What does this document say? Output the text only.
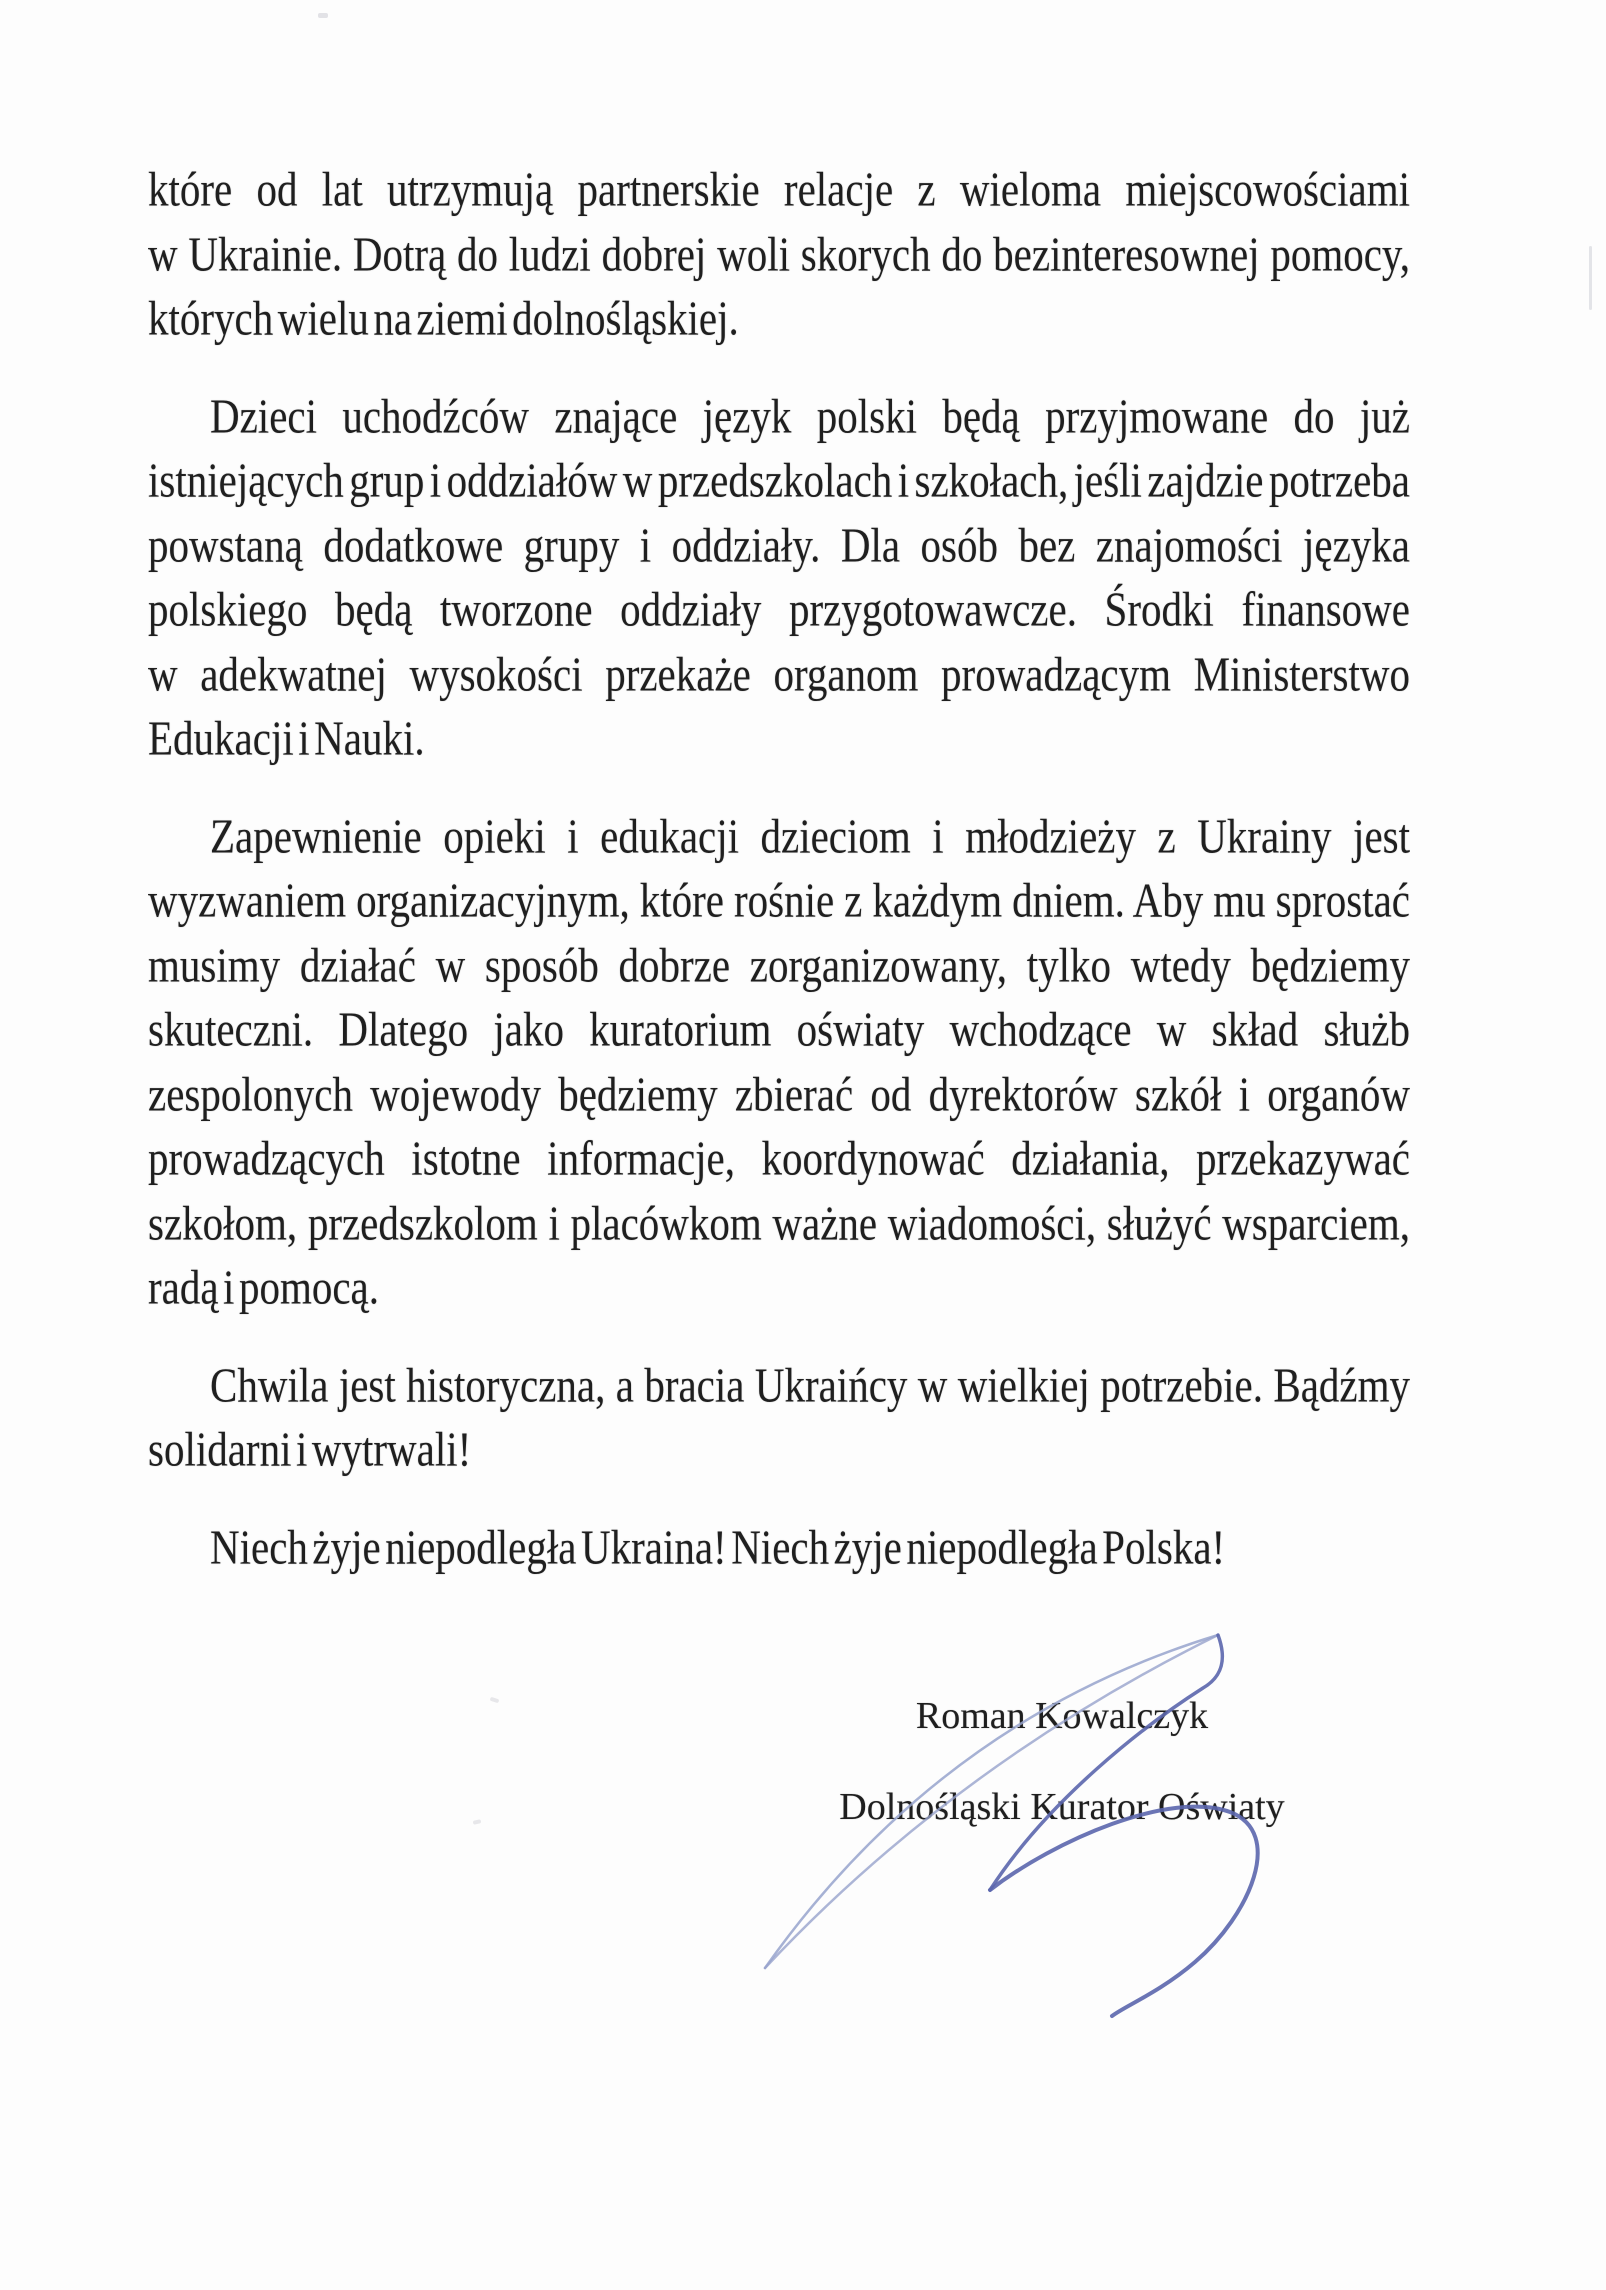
które od lat utrzymują partnerskie relacje z wieloma miejscowościami
w Ukrainie. Dotrą do ludzi dobrej woli skorych do bezinteresownej pomocy,
których wielu na ziemi dolnośląskiej.
Dzieci uchodźców znające język polski będą przyjmowane do już
istniejących grup i oddziałów w przedszkolach i szkołach, jeśli zajdzie potrzeba
powstaną dodatkowe grupy i oddziały. Dla osób bez znajomości języka
polskiego będą tworzone oddziały przygotowawcze. Środki finansowe
w adekwatnej wysokości przekaże organom prowadzącym Ministerstwo
Edukacji i Nauki.
Zapewnienie opieki i edukacji dzieciom i młodzieży z Ukrainy jest
wyzwaniem organizacyjnym, które rośnie z każdym dniem. Aby mu sprostać
musimy działać w sposób dobrze zorganizowany, tylko wtedy będziemy
skuteczni. Dlatego jako kuratorium oświaty wchodzące w skład służb
zespolonych wojewody będziemy zbierać od dyrektorów szkół i organów
prowadzących istotne informacje, koordynować działania, przekazywać
szkołom, przedszkolom i placówkom ważne wiadomości, służyć wsparciem,
radą i pomocą.
Chwila jest historyczna, a bracia Ukraińcy w wielkiej potrzebie. Bądźmy
solidarni i wytrwali!
Niech żyje niepodległa Ukraina! Niech żyje niepodległa Polska!
Roman Kowalczyk
Dolnośląski Kurator Oświaty
